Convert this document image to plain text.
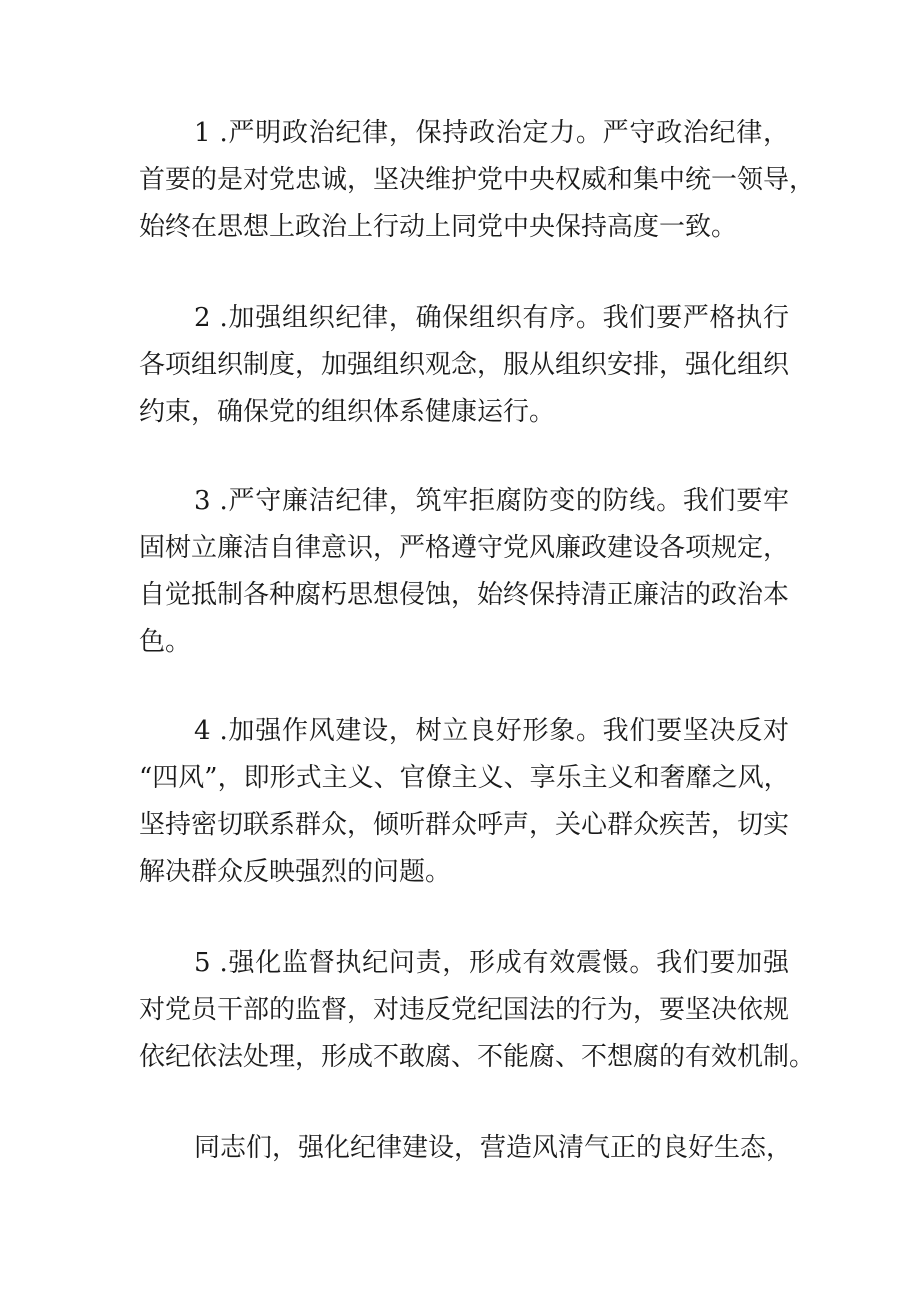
1 .严明政治纪律，保持政治定力。严守政治纪律，
首要的是对党忠诚，坚决维护党中央权威和集中统一领导，
始终在思想上政治上行动上同党中央保持高度一致。
2 .加强组织纪律，确保组织有序。我们要严格执行
各项组织制度，加强组织观念，服从组织安排，强化组织
约束，确保党的组织体系健康运行。
3 .严守廉洁纪律，筑牢拒腐防变的防线。我们要牢
固树立廉洁自律意识，严格遵守党风廉政建设各项规定，
自觉抵制各种腐朽思想侵蚀，始终保持清正廉洁的政治本
色。
4 .加强作风建设，树立良好形象。我们要坚决反对
“四风”，即形式主义、官僚主义、享乐主义和奢靡之风，
坚持密切联系群众，倾听群众呼声，关心群众疾苦，切实
解决群众反映强烈的问题。
5 .强化监督执纪问责，形成有效震慑。我们要加强
对党员干部的监督，对违反党纪国法的行为，要坚决依规
依纪依法处理，形成不敢腐、不能腐、不想腐的有效机制。
同志们，强化纪律建设，营造风清气正的良好生态，
